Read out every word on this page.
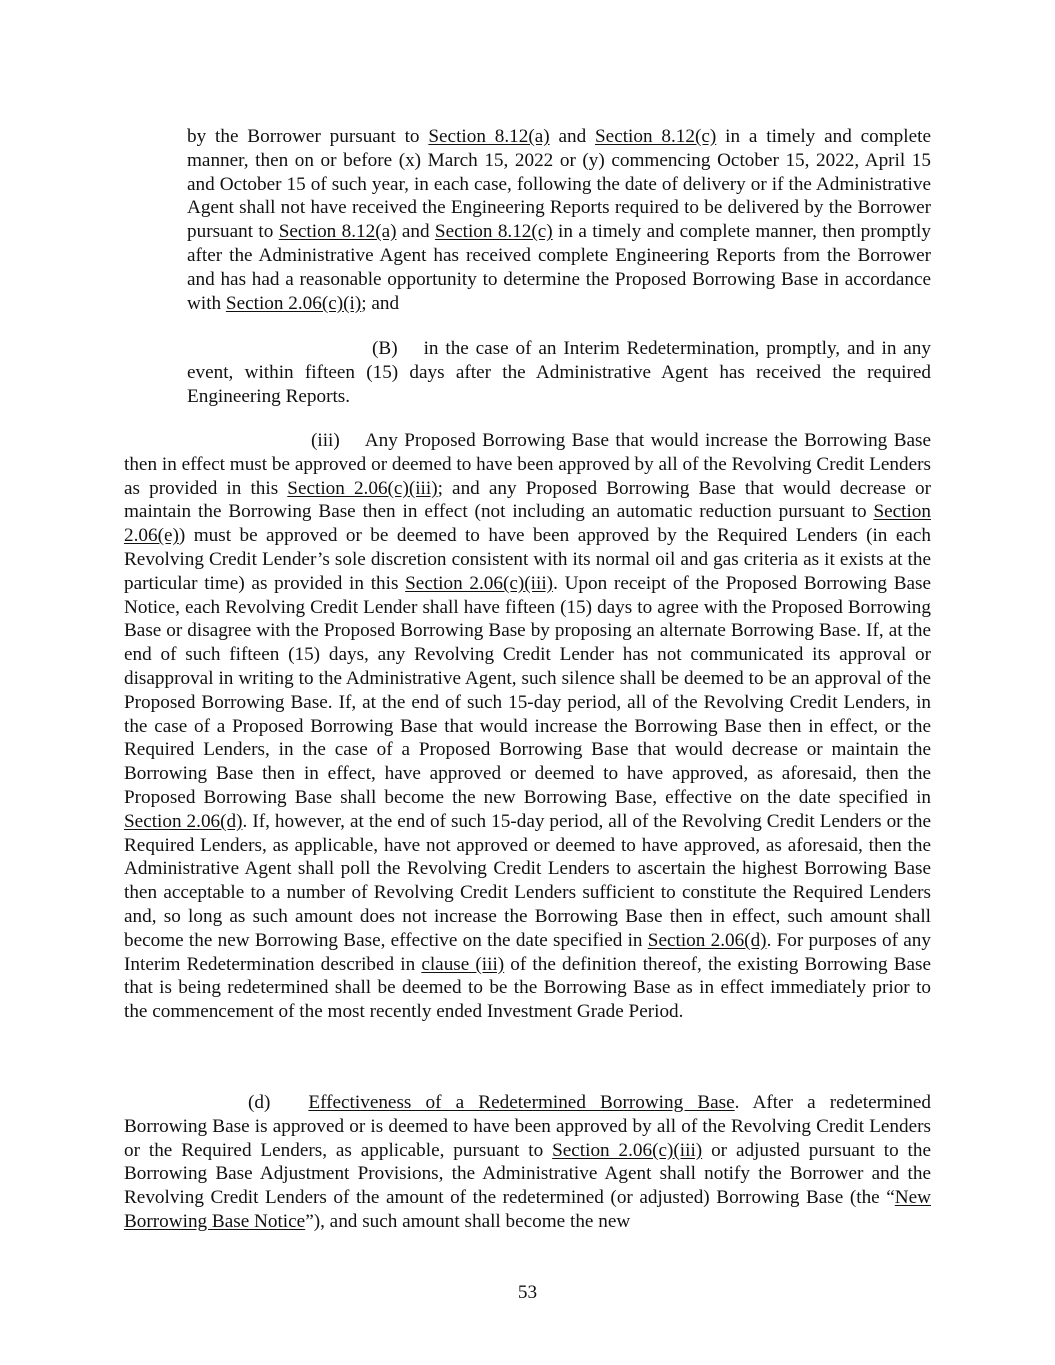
by the Borrower pursuant to Section 8.12(a) and Section 8.12(c) in a timely and complete manner, then on or before (x) March 15, 2022 or (y) commencing October 15, 2022, April 15 and October 15 of such year, in each case, following the date of delivery or if the Administrative Agent shall not have received the Engineering Reports required to be delivered by the Borrower pursuant to Section 8.12(a) and Section 8.12(c) in a timely and complete manner, then promptly after the Administrative Agent has received complete Engineering Reports from the Borrower and has had a reasonable opportunity to determine the Proposed Borrowing Base in accordance with Section 2.06(c)(i); and

(B) in the case of an Interim Redetermination, promptly, and in any event, within fifteen (15) days after the Administrative Agent has received the required Engineering Reports.

(iii) Any Proposed Borrowing Base that would increase the Borrowing Base then in effect must be approved or deemed to have been approved by all of the Revolving Credit Lenders as provided in this Section 2.06(c)(iii); and any Proposed Borrowing Base that would decrease or maintain the Borrowing Base then in effect (not including an automatic reduction pursuant to Section 2.06(e)) must be approved or be deemed to have been approved by the Required Lenders (in each Revolving Credit Lender’s sole discretion consistent with its normal oil and gas criteria as it exists at the particular time) as provided in this Section 2.06(c)(iii). Upon receipt of the Proposed Borrowing Base Notice, each Revolving Credit Lender shall have fifteen (15) days to agree with the Proposed Borrowing Base or disagree with the Proposed Borrowing Base by proposing an alternate Borrowing Base. If, at the end of such fifteen (15) days, any Revolving Credit Lender has not communicated its approval or disapproval in writing to the Administrative Agent, such silence shall be deemed to be an approval of the Proposed Borrowing Base. If, at the end of such 15-day period, all of the Revolving Credit Lenders, in the case of a Proposed Borrowing Base that would increase the Borrowing Base then in effect, or the Required Lenders, in the case of a Proposed Borrowing Base that would decrease or maintain the Borrowing Base then in effect, have approved or deemed to have approved, as aforesaid, then the Proposed Borrowing Base shall become the new Borrowing Base, effective on the date specified in Section 2.06(d). If, however, at the end of such 15-day period, all of the Revolving Credit Lenders or the Required Lenders, as applicable, have not approved or deemed to have approved, as aforesaid, then the Administrative Agent shall poll the Revolving Credit Lenders to ascertain the highest Borrowing Base then acceptable to a number of Revolving Credit Lenders sufficient to constitute the Required Lenders and, so long as such amount does not increase the Borrowing Base then in effect, such amount shall become the new Borrowing Base, effective on the date specified in Section 2.06(d). For purposes of any Interim Redetermination described in clause (iii) of the definition thereof, the existing Borrowing Base that is being redetermined shall be deemed to be the Borrowing Base as in effect immediately prior to the commencement of the most recently ended Investment Grade Period.

(d) Effectiveness of a Redetermined Borrowing Base. After a redetermined Borrowing Base is approved or is deemed to have been approved by all of the Revolving Credit Lenders or the Required Lenders, as applicable, pursuant to Section 2.06(c)(iii) or adjusted pursuant to the Borrowing Base Adjustment Provisions, the Administrative Agent shall notify the Borrower and the Revolving Credit Lenders of the amount of the redetermined (or adjusted) Borrowing Base (the “New Borrowing Base Notice”), and such amount shall become the new

53
